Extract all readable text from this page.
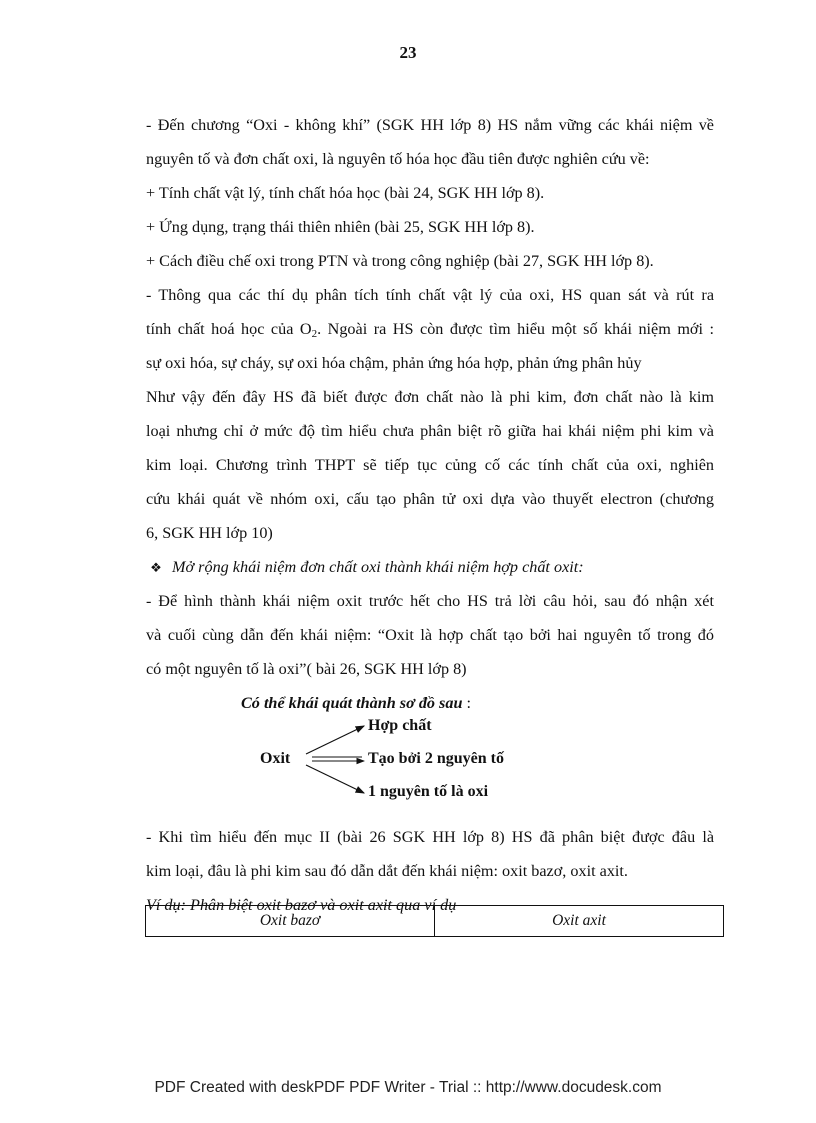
23
- Đến chương “Oxi - không khí” (SGK HH lớp 8) HS nắm vững các khái niệm về
nguyên tố và đơn chất oxi, là nguyên tố hóa học đầu tiên được nghiên cứu về:
+ Tính chất vật lý, tính chất hóa học (bài 24, SGK HH lớp 8).
+ Ứng dụng, trạng thái thiên nhiên (bài 25, SGK HH lớp 8).
+ Cách điều chế oxi trong PTN và trong công nghiệp (bài 27, SGK HH lớp 8).
- Thông qua các thí dụ phân tích tính chất vật lý của oxi, HS quan sát và rút ra
tính chất hoá học của $O_2$. Ngoài ra HS còn được tìm hiểu một số khái niệm mới :
sự oxi hóa, sự cháy, sự oxi hóa chậm, phản ứng hóa hợp, phản ứng phân hủy
Như vậy đến đây HS đã biết được đơn chất nào là phi kim, đơn chất nào là kim
loại nhưng chỉ ở mức độ tìm hiểu chưa phân biệt rõ giữa hai khái niệm phi kim và
kim loại. Chương trình THPT sẽ tiếp tục củng cố các tính chất của oxi, nghiên
cứu khái quát về nhóm oxi, cấu tạo phân tử oxi dựa vào thuyết electron (chương
6, SGK HH lớp 10)
❖ Mở rộng khái niệm đơn chất oxi thành khái niệm hợp chất oxit:
- Để hình thành khái niệm oxit trước hết cho HS trả lời câu hỏi, sau đó nhận xét
và cuối cùng dẫn đến khái niệm: “Oxit là hợp chất tạo bởi hai nguyên tố trong đó
có một nguyên tố là oxi”( bài 26, SGK HH lớp 8)
Có thể khái quát thành sơ đồ sau :
Oxit
Hợp chất
Tạo bởi 2 nguyên tố
1 nguyên tố là oxi
- Khi tìm hiểu đến mục II (bài 26 SGK HH lớp 8) HS đã phân biệt được đâu là
kim loại, đâu là phi kim sau đó dẫn dắt đến khái niệm: oxit bazơ, oxit axit.
Ví dụ: Phân biệt oxit bazơ và oxit axit qua ví dụ
Oxit bazơ	Oxit axit
PDF Created with deskPDF PDF Writer - Trial :: http://www.docudesk.com
